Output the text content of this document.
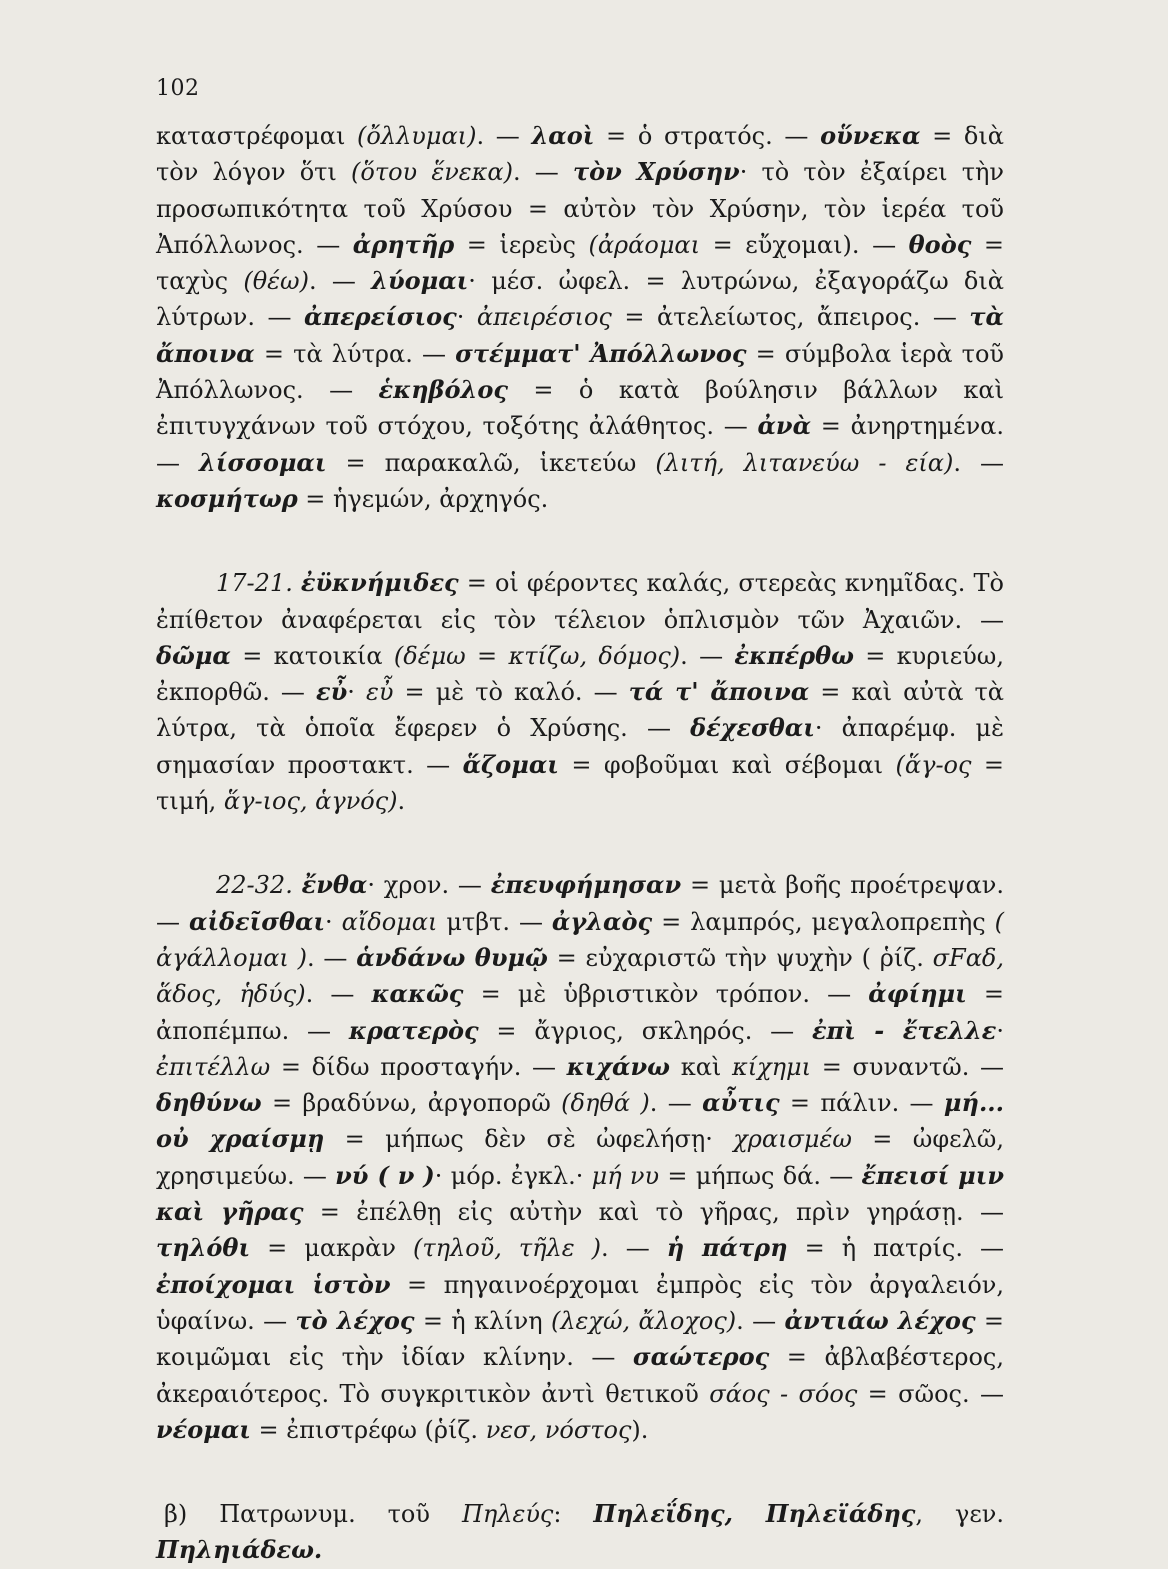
102

καταστρέφομαι (ὄλλυμαι). — λαοὶ = ὁ στρατός. — οὕνεκα = διὰ τὸν λόγον ὅτι (ὅτου ἕνεκα). — τὸν Χρύσην· τὸ τὸν ἐξαίρει τὴν προσωπικότητα τοῦ Χρύσου = αὐτὸν τὸν Χρύσην, τὸν ἱερέα τοῦ Ἀπόλλωνος. — ἀρητῆρ = ἱερεὺς (ἀράομαι = εὔχομαι). — θοὸς = ταχὺς (θέω). — λύομαι· μέσ. ὠφελ. = λυτρώνω, ἐξαγοράζω διὰ λύτρων. — ἀπερείσιος· ἀπειρέσιος = ἀτελείωτος, ἄπειρος. — τὰ ἄποινα = τὰ λύτρα. — στέμματ' Ἀπόλλωνος = σύμβολα ἱερὰ τοῦ Ἀπόλλωνος. — ἑκηβόλος = ὁ κατὰ βούλησιν βάλλων καὶ ἐπιτυγχάνων τοῦ στόχου, τοξότης ἀλάθητος. — ἀνὰ = ἀνηρτημένα. — λίσσομαι = παρακαλῶ, ἱκετεύω (λιτή, λιτανεύω - εία). — κοσμήτωρ = ἡγεμών, ἀρχηγός.

17-21. ἐϋκνήμιδες = οἱ φέροντες καλάς, στερεὰς κνημῖδας. Τὸ ἐπίθετον ἀναφέρεται εἰς τὸν τέλειον ὁπλισμὸν τῶν Ἀχαιῶν. — δῶμα = κατοικία (δέμω = κτίζω, δόμος). — ἐκπέρθω = κυριεύω, ἐκπορθῶ. — εὖ· εὖ = μὲ τὸ καλό. — τά τ' ἄποινα = καὶ αὐτὰ τὰ λύτρα, τὰ ὁποῖα ἔφερεν ὁ Χρύσης. — δέχεσθαι· ἀπαρέμφ. μὲ σημασίαν προστακτ. — ἅζομαι = φοβοῦμαι καὶ σέβομαι (ἅγ-ος = τιμή, ἅγ-ιος, ἁγνός).

22-32. ἔνθα· χρον. — ἐπευφήμησαν = μετὰ βοῆς προέτρεψαν. — αἰδεῖσθαι· αἴδομαι μτβτ. — ἀγλαὸς = λαμπρός, μεγαλοπρεπὴς ( ἀγάλλομαι ). — ἁνδάνω θυμῷ = εὐχαριστῶ τὴν ψυχὴν ( ῥίζ. σFαδ, ἅδος, ἡδύς). — κακῶς = μὲ ὑβριστικὸν τρόπον. — ἀφίημι = ἀποπέμπω. — κρατερὸς = ἄγριος, σκληρός. — ἐπὶ - ἔτελλε· ἐπιτέλλω = δίδω προσταγήν. — κιχάνω καὶ κίχημι = συναντῶ. — δηθύνω = βραδύνω, ἀργοπορῶ (δηθά ). — αὖτις = πάλιν. — μή... οὐ χραίσμῃ = μήπως δὲν σὲ ὠφελήσῃ· χραισμέω = ὠφελῶ, χρησιμεύω. — νύ ( ν )· μόρ. ἐγκλ.· μή νυ = μήπως δά. — ἔπεισί μιν καὶ γῆρας = ἐπέλθῃ εἰς αὐτὴν καὶ τὸ γῆρας, πρὶν γηράσῃ. — τηλόθι = μακρὰν (τηλοῦ, τῆλε ). — ἡ πάτρη = ἡ πατρίς. — ἐποίχομαι ἱστὸν = πηγαινοέρχομαι ἐμπρὸς εἰς τὸν ἀργαλειόν, ὑφαίνω. — τὸ λέχος = ἡ κλίνη (λεχώ, ἄλοχος). — ἀντιάω λέχος = κοιμῶμαι εἰς τὴν ἰδίαν κλίνην. — σαώτερος = ἀβλαβέστερος, ἀκεραιότερος. Τὸ συγκριτικὸν ἀντὶ θετικοῦ σάος - σόος = σῶος. — νέομαι = ἐπιστρέφω (ῥίζ. νεσ, νόστος).

β) Πατρωνυμ. τοῦ Πηλεύς: Πηλεΐδης, Πηλεϊάδης, γεν. Πηληιάδεω.
